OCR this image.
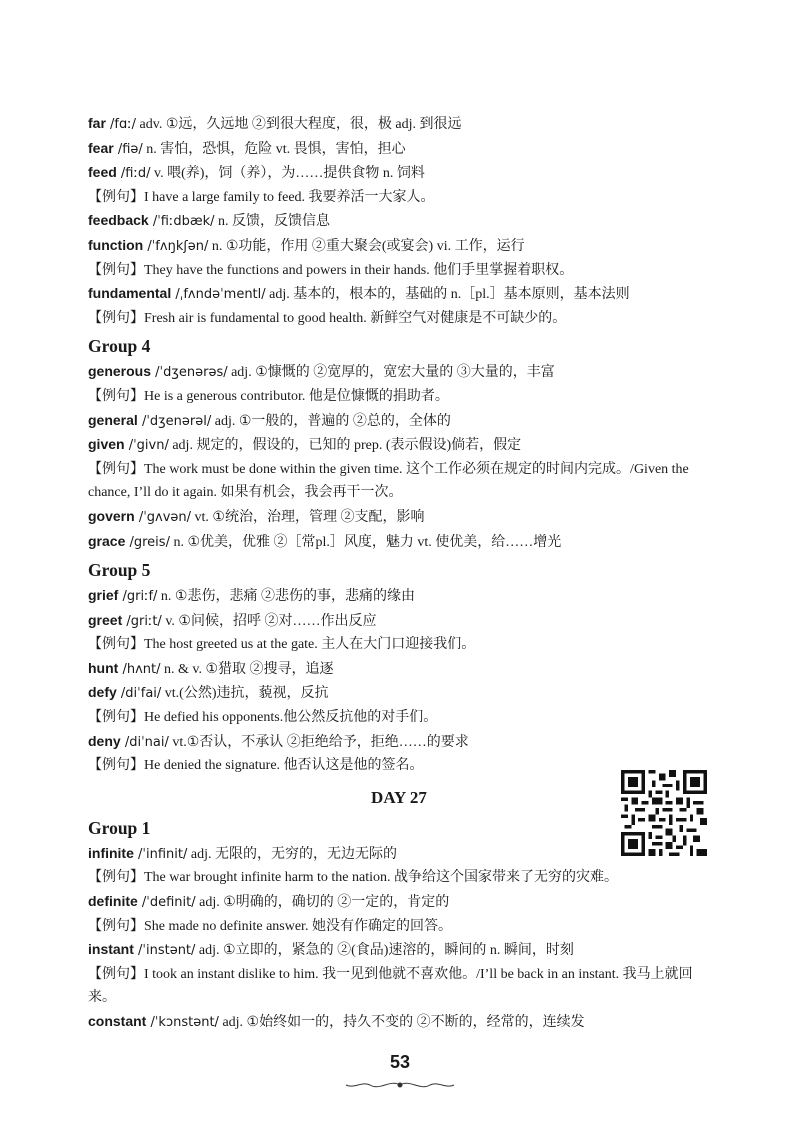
far /fɑː/ adv. ①远，久远地 ②到很大程度，很，极 adj. 到很远
fear /fiə/ n. 害怕，恐惧，危险 vt. 畏惧，害怕，担心
feed /fiːd/ v. 喂(养)，饲（养），为……提供食物 n. 饲料
【例句】I have a large family to feed. 我要养活一大家人。
feedback /ˈfiːdbæk/ n. 反馈，反馈信息
function /ˈfʌŋkʃən/ n. ①功能，作用 ②重大聚会(或宴会) vi. 工作，运行
【例句】They have the functions and powers in their hands. 他们手里掌握着职权。
fundamental /ˌfʌndəˈmentl/ adj. 基本的，根本的，基础的 n.［pl.］基本原则，基本法则
【例句】Fresh air is fundamental to good health. 新鲜空气对健康是不可缺少的。
Group 4
generous /ˈdʒenərəs/ adj. ①慷慨的 ②宽厚的，宽宏大量的 ③大量的，丰富
【例句】He is a generous contributor. 他是位慷慨的捐助者。
general /ˈdʒenərəl/ adj. ①一般的，普遍的 ②总的，全体的
given /ˈgivn/ adj. 规定的，假设的，已知的 prep. (表示假设)倘若，假定
【例句】The work must be done within the given time. 这个工作必须在规定的时间内完成。/Given the chance, I’ll do it again. 如果有机会，我会再干一次。
govern /ˈgʌvən/ vt. ①统治，治理，管理 ②支配，影响
grace /greis/ n. ①优美，优雅 ②［常pl.］风度，魅力 vt. 使优美，给……增光
Group 5
grief /griːf/ n. ①悲伤，悲痛 ②悲伤的事，悲痛的缘由
greet /griːt/ v. ①问候，招呼 ②对……作出反应
【例句】The host greeted us at the gate. 主人在大门口迎接我们。
hunt /hʌnt/ n. & v. ①猎取 ②搜寻，追逐
defy /diˈfai/ vt.(公然)违抗，藐视，反抗
【例句】He defied his opponents.他公然反抗他的对手们。
deny /diˈnai/ vt.①否认，不承认 ②拒绝给予，拒绝……的要求
【例句】He denied the signature. 他否认这是他的签名。
DAY 27
Group 1
infinite /ˈinfinit/ adj. 无限的，无穷的，无边无际的
【例句】The war brought infinite harm to the nation. 战争给这个国家带来了无穷的灾难。
definite /ˈdefinit/ adj. ①明确的，确切的 ②一定的，肯定的
【例句】She made no definite answer. 她没有作确定的回答。
instant /ˈinstənt/ adj. ①立即的，紧急的 ②(食品)速溶的，瞬间的 n. 瞬间，时刻
【例句】I took an instant dislike to him. 我一见到他就不喜欢他。/I’ll be back in an instant. 我马上就回来。
constant /ˈkɔnstənt/ adj. ①始终如一的，持久不变的 ②不断的，经常的，连续发
53
